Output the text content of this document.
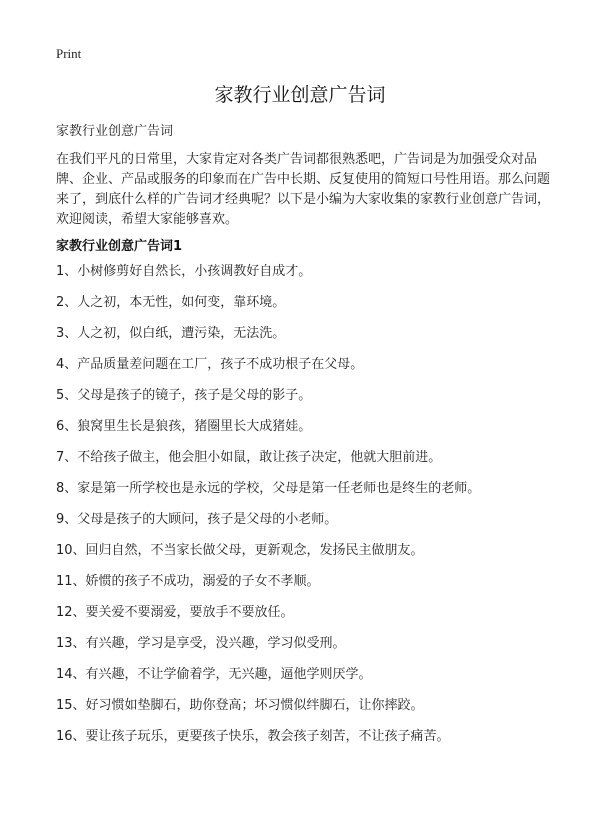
Print
家教行业创意广告词
家教行业创意广告词

在我们平凡的日常里，大家肯定对各类广告词都很熟悉吧，广告词是为加强受众对品牌、企业、产品或服务的印象而在广告中长期、反复使用的简短口号性用语。那么问题来了，到底什么样的广告词才经典呢？以下是小编为大家收集的家教行业创意广告词，欢迎阅读，希望大家能够喜欢。

家教行业创意广告词1
1、小树修剪好自然长，小孩调教好自成才。
2、人之初，本无性，如何变，靠环境。
3、人之初，似白纸，遭污染，无法洗。
4、产品质量差问题在工厂，孩子不成功根子在父母。
5、父母是孩子的镜子，孩子是父母的影子。
6、狼窝里生长是狼孩，猪圈里长大成猪娃。
7、不给孩子做主，他会胆小如鼠，敢让孩子决定，他就大胆前进。
8、家是第一所学校也是永远的学校，父母是第一任老师也是终生的老师。
9、父母是孩子的大顾问，孩子是父母的小老师。
10、回归自然，不当家长做父母，更新观念，发扬民主做朋友。
11、娇惯的孩子不成功，溺爱的子女不孝顺。
12、要关爱不要溺爱，要放手不要放任。
13、有兴趣，学习是享受，没兴趣，学习似受刑。
14、有兴趣，不让学偷着学，无兴趣，逼他学则厌学。
15、好习惯如垫脚石，助你登高；坏习惯似绊脚石，让你摔跤。
16、要让孩子玩乐，更要孩子快乐，教会孩子刻苦，不让孩子痛苦。
